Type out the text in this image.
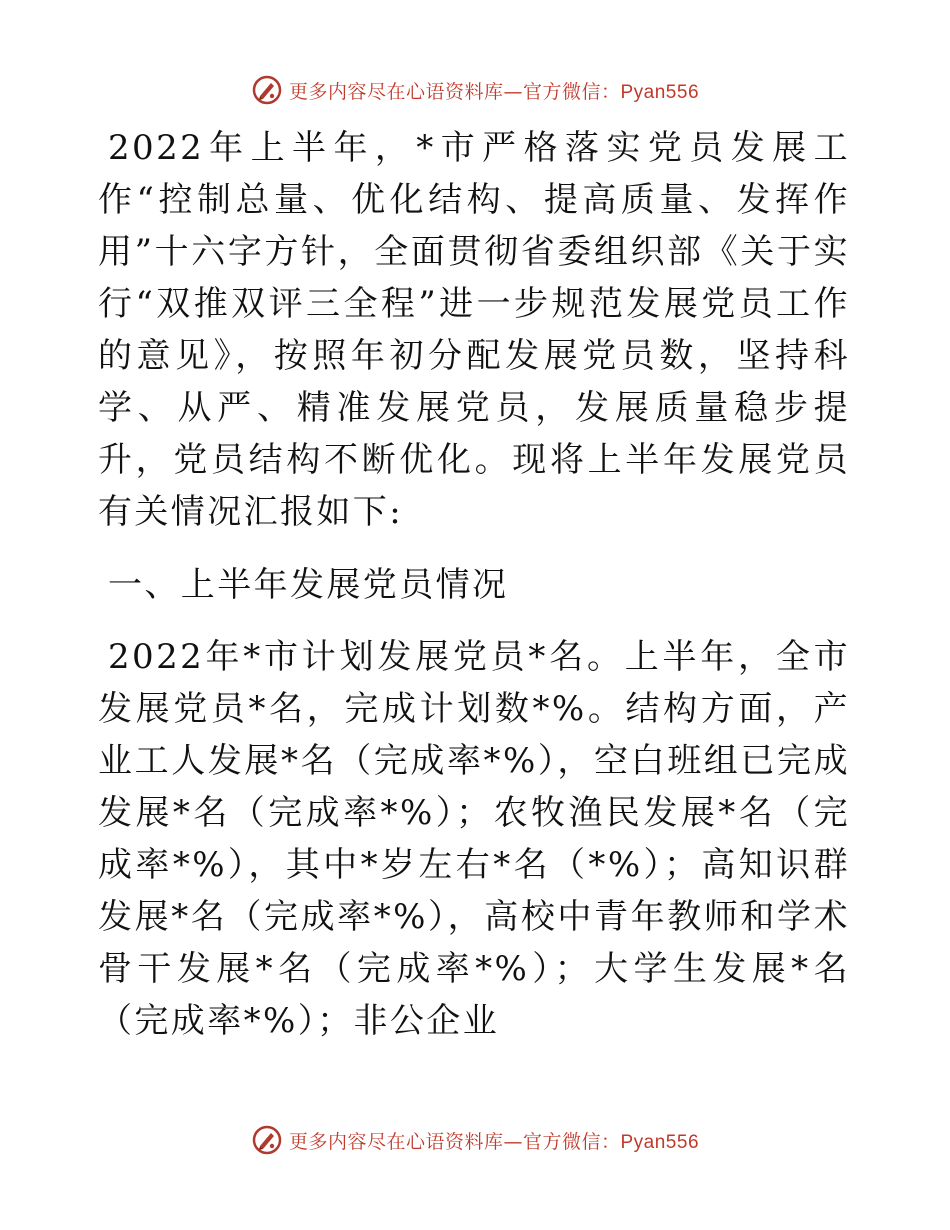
更多内容尽在心语资料库—官方微信：Pyan556

2022年上半年，*市严格落实党员发展工作“控制总量、优化结构、提高质量、发挥作用”十六字方针，全面贯彻省委组织部《关于实行“双推双评三全程”进一步规范发展党员工作的意见》，按照年初分配发展党员数，坚持科学、从严、精准发展党员，发展质量稳步提升，党员结构不断优化。现将上半年发展党员有关情况汇报如下:

一、上半年发展党员情况

2022年*市计划发展党员*名。上半年，全市发展党员*名，完成计划数*%。结构方面，产业工人发展*名（完成率*%），空白班组已完成发展*名（完成率*%）；农牧渔民发展*名（完成率*%），其中*岁左右*名（*%）；高知识群发展*名（完成率*%），高校中青年教师和学术骨干发展*名（完成率*%）；大学生发展*名（完成率*%）；非公企业

更多内容尽在心语资料库—官方微信：Pyan556
